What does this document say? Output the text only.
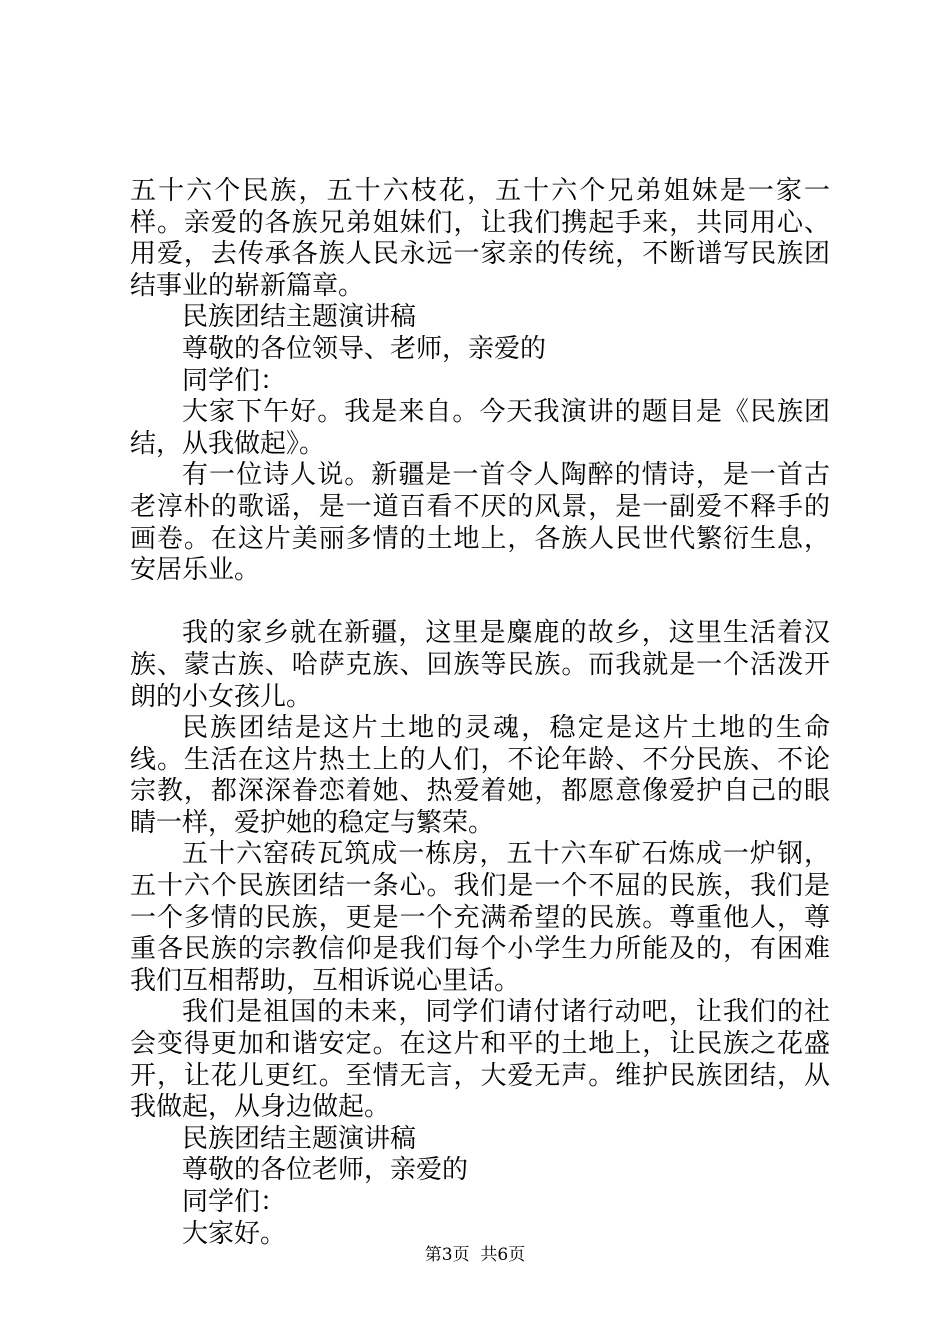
五十六个民族，五十六枝花，五十六个兄弟姐妹是一家一样。亲爱的各族兄弟姐妹们，让我们携起手来，共同用心、用爱，去传承各族人民永远一家亲的传统，不断谱写民族团结事业的崭新篇章。

民族团结主题演讲稿

尊敬的各位领导、老师，亲爱的

同学们：

大家下午好。我是来自。今天我演讲的题目是《民族团结，从我做起》。

有一位诗人说。新疆是一首令人陶醉的情诗，是一首古老淳朴的歌谣，是一道百看不厌的风景，是一副爱不释手的画卷。在这片美丽多情的土地上，各族人民世代繁衍生息，安居乐业。

我的家乡就在新疆，这里是麋鹿的故乡，这里生活着汉族、蒙古族、哈萨克族、回族等民族。而我就是一个活泼开朗的小女孩儿。

民族团结是这片土地的灵魂，稳定是这片土地的生命线。生活在这片热土上的人们，不论年龄、不分民族、不论宗教，都深深眷恋着她、热爱着她，都愿意像爱护自己的眼睛一样，爱护她的稳定与繁荣。

五十六窑砖瓦筑成一栋房，五十六车矿石炼成一炉钢，五十六个民族团结一条心。我们是一个不屈的民族，我们是一个多情的民族，更是一个充满希望的民族。尊重他人，尊重各民族的宗教信仰是我们每个小学生力所能及的，有困难我们互相帮助，互相诉说心里话。

我们是祖国的未来，同学们请付诸行动吧，让我们的社会变得更加和谐安定。在这片和平的土地上，让民族之花盛开，让花儿更红。至情无言，大爱无声。维护民族团结，从我做起，从身边做起。

民族团结主题演讲稿

尊敬的各位老师，亲爱的

同学们：

大家好。

第3页  共6页
